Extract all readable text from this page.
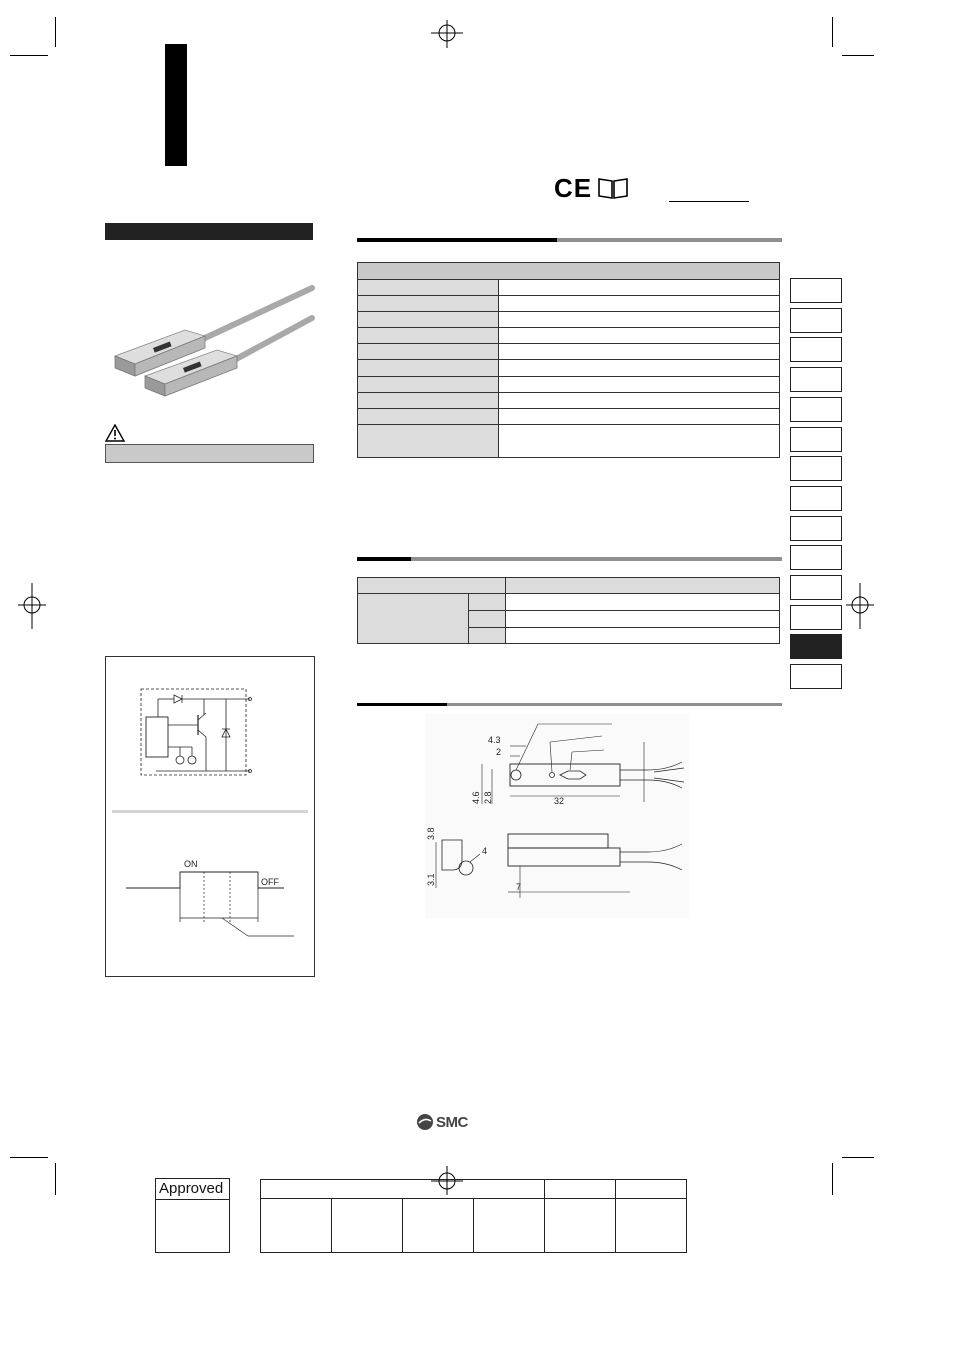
CE

ON
OFF
4.3
2
4.6 2.8	32
7
3.8
4
3.1
SMC
Approved
